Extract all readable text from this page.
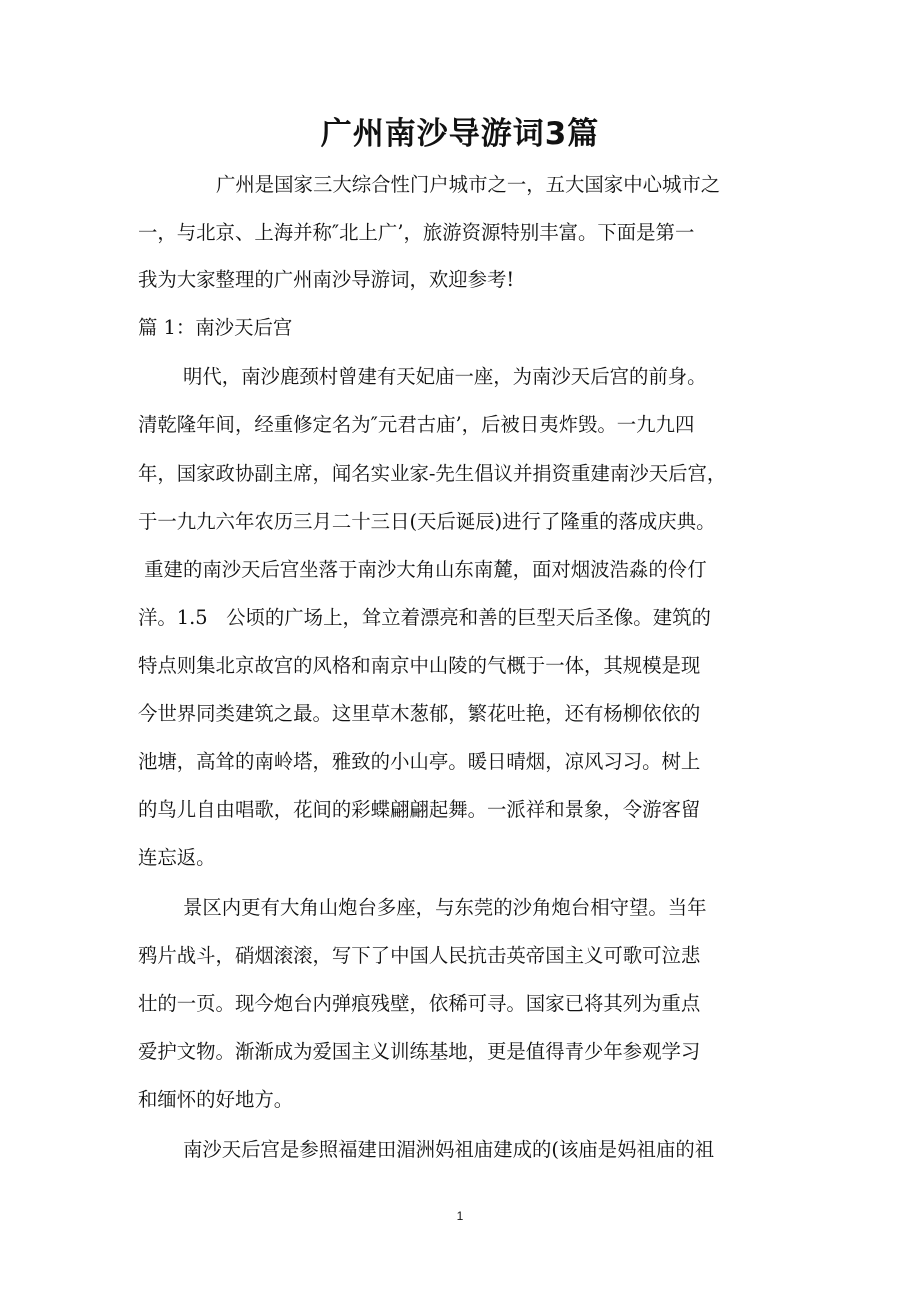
广州南沙导游词3篇
广州是国家三大综合性门户城市之一，五大国家中心城市之
一，与北京、上海并称″北上广’，旅游资源特别丰富。下面是第一
我为大家整理的广州南沙导游词，欢迎参考!
篇 1：南沙天后宫
明代，南沙鹿颈村曾建有天妃庙一座，为南沙天后宫的前身。
清乾隆年间，经重修定名为″元君古庙’，后被日夷炸毁。一九九四
年，国家政协副主席，闻名实业家-先生倡议并捐资重建南沙天后宫，
于一九九六年农历三月二十三日(天后诞辰)进行了隆重的落成庆典。
重建的南沙天后宫坐落于南沙大角山东南麓，面对烟波浩淼的伶仃
洋。1.5   公顷的广场上，耸立着漂亮和善的巨型天后圣像。建筑的
特点则集北京故宫的风格和南京中山陵的气概于一体，其规模是现
今世界同类建筑之最。这里草木葱郁，繁花吐艳，还有杨柳依依的
池塘，高耸的南岭塔，雅致的小山亭。暖日晴烟，凉风习习。树上
的鸟儿自由唱歌，花间的彩蝶翩翩起舞。一派祥和景象，令游客留
连忘返。
景区内更有大角山炮台多座，与东莞的沙角炮台相守望。当年
鸦片战斗，硝烟滚滚，写下了中国人民抗击英帝国主义可歌可泣悲
壮的一页。现今炮台内弹痕残壁，依稀可寻。国家已将其列为重点
爱护文物。渐渐成为爱国主义训练基地，更是值得青少年参观学习
和缅怀的好地方。
南沙天后宫是参照福建田湄洲妈祖庙建成的(该庙是妈祖庙的祖
1
